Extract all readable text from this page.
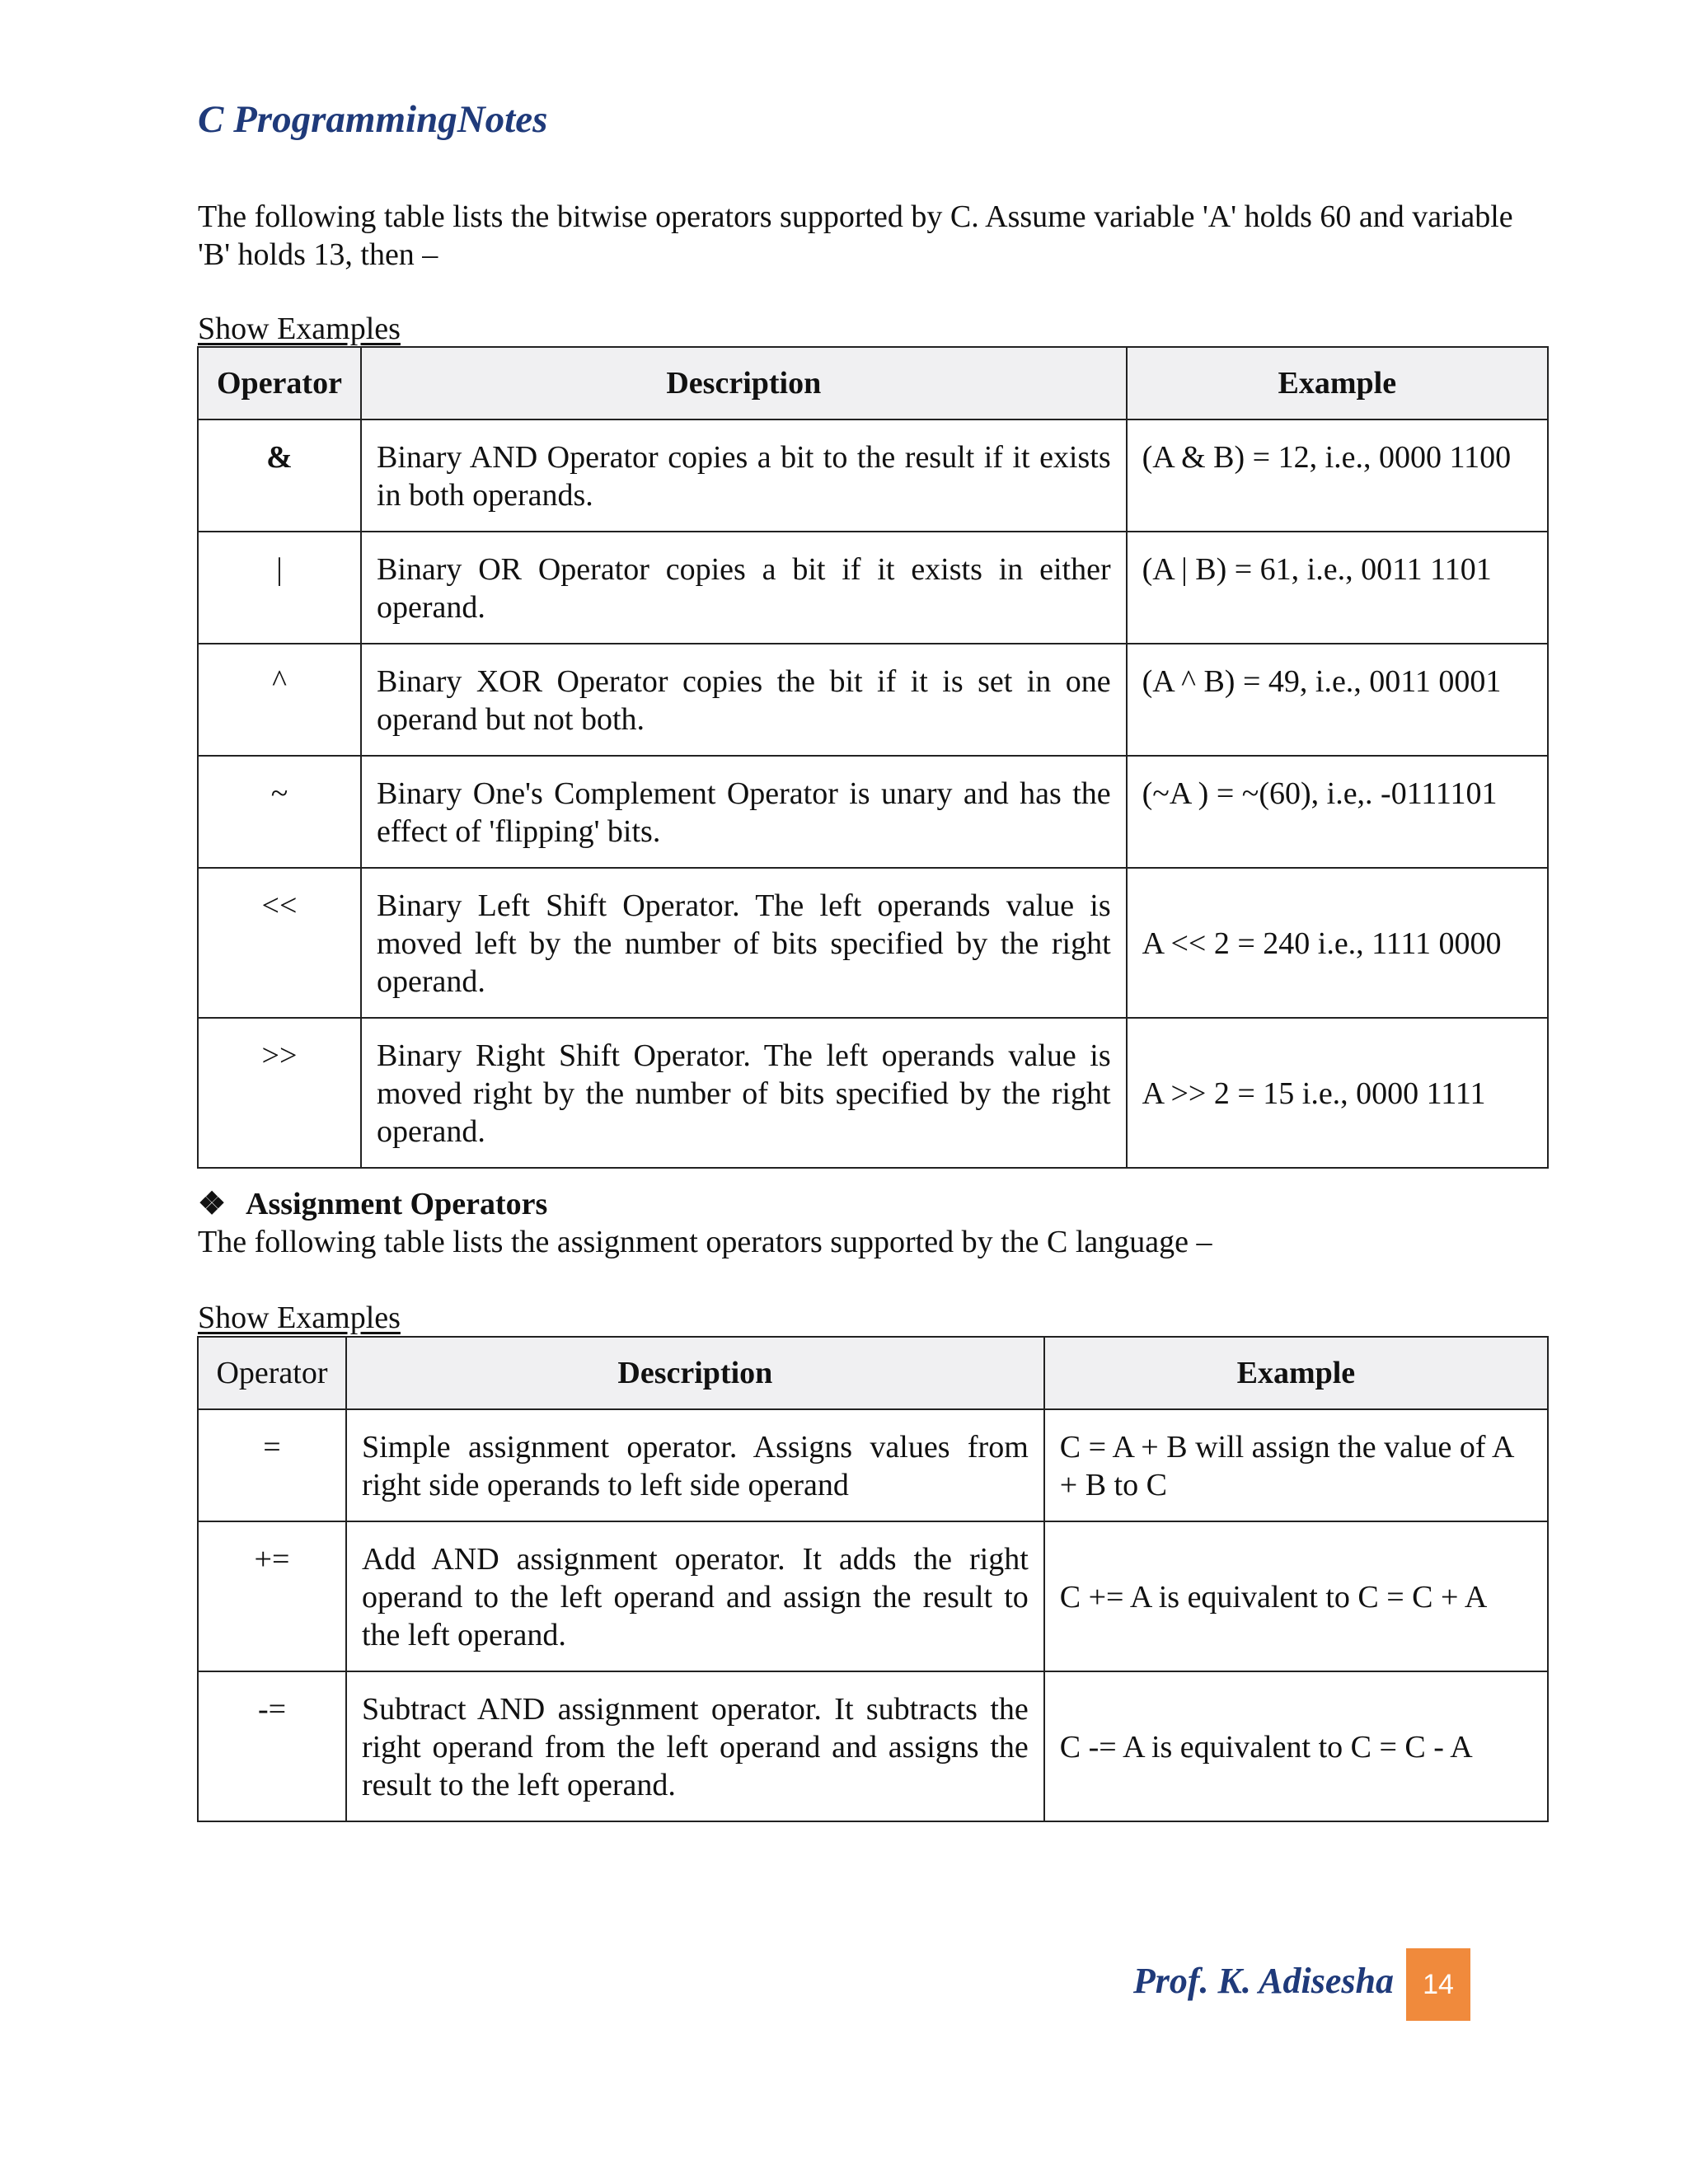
C ProgrammingNotes

The following table lists the bitwise operators supported by C. Assume variable 'A' holds 60 and variable 'B' holds 13, then –

Show Examples

Operator	Description	Example
&	Binary AND Operator copies a bit to the result if it exists in both operands.	(A & B) = 12, i.e., 0000 1100
|	Binary OR Operator copies a bit if it exists in either operand.	(A | B) = 61, i.e., 0011 1101
^	Binary XOR Operator copies the bit if it is set in one operand but not both.	(A ^ B) = 49, i.e., 0011 0001
~	Binary One's Complement Operator is unary and has the effect of 'flipping' bits.	(~A ) = ~(60), i.e,. -0111101
<<	Binary Left Shift Operator. The left operands value is moved left by the number of bits specified by the right operand.	A << 2 = 240 i.e., 1111 0000
>>	Binary Right Shift Operator. The left operands value is moved right by the number of bits specified by the right operand.	A >> 2 = 15 i.e., 0000 1111

❖ Assignment Operators

The following table lists the assignment operators supported by the C language –

Show Examples

Operator	Description	Example
=	Simple assignment operator. Assigns values from right side operands to left side operand	C = A + B will assign the value of A + B to C
+=	Add AND assignment operator. It adds the right operand to the left operand and assign the result to the left operand.	C += A is equivalent to C = C + A
-=	Subtract AND assignment operator. It subtracts the right operand from the left operand and assigns the result to the left operand.	C -= A is equivalent to C = C - A

Prof. K. Adisesha	14
